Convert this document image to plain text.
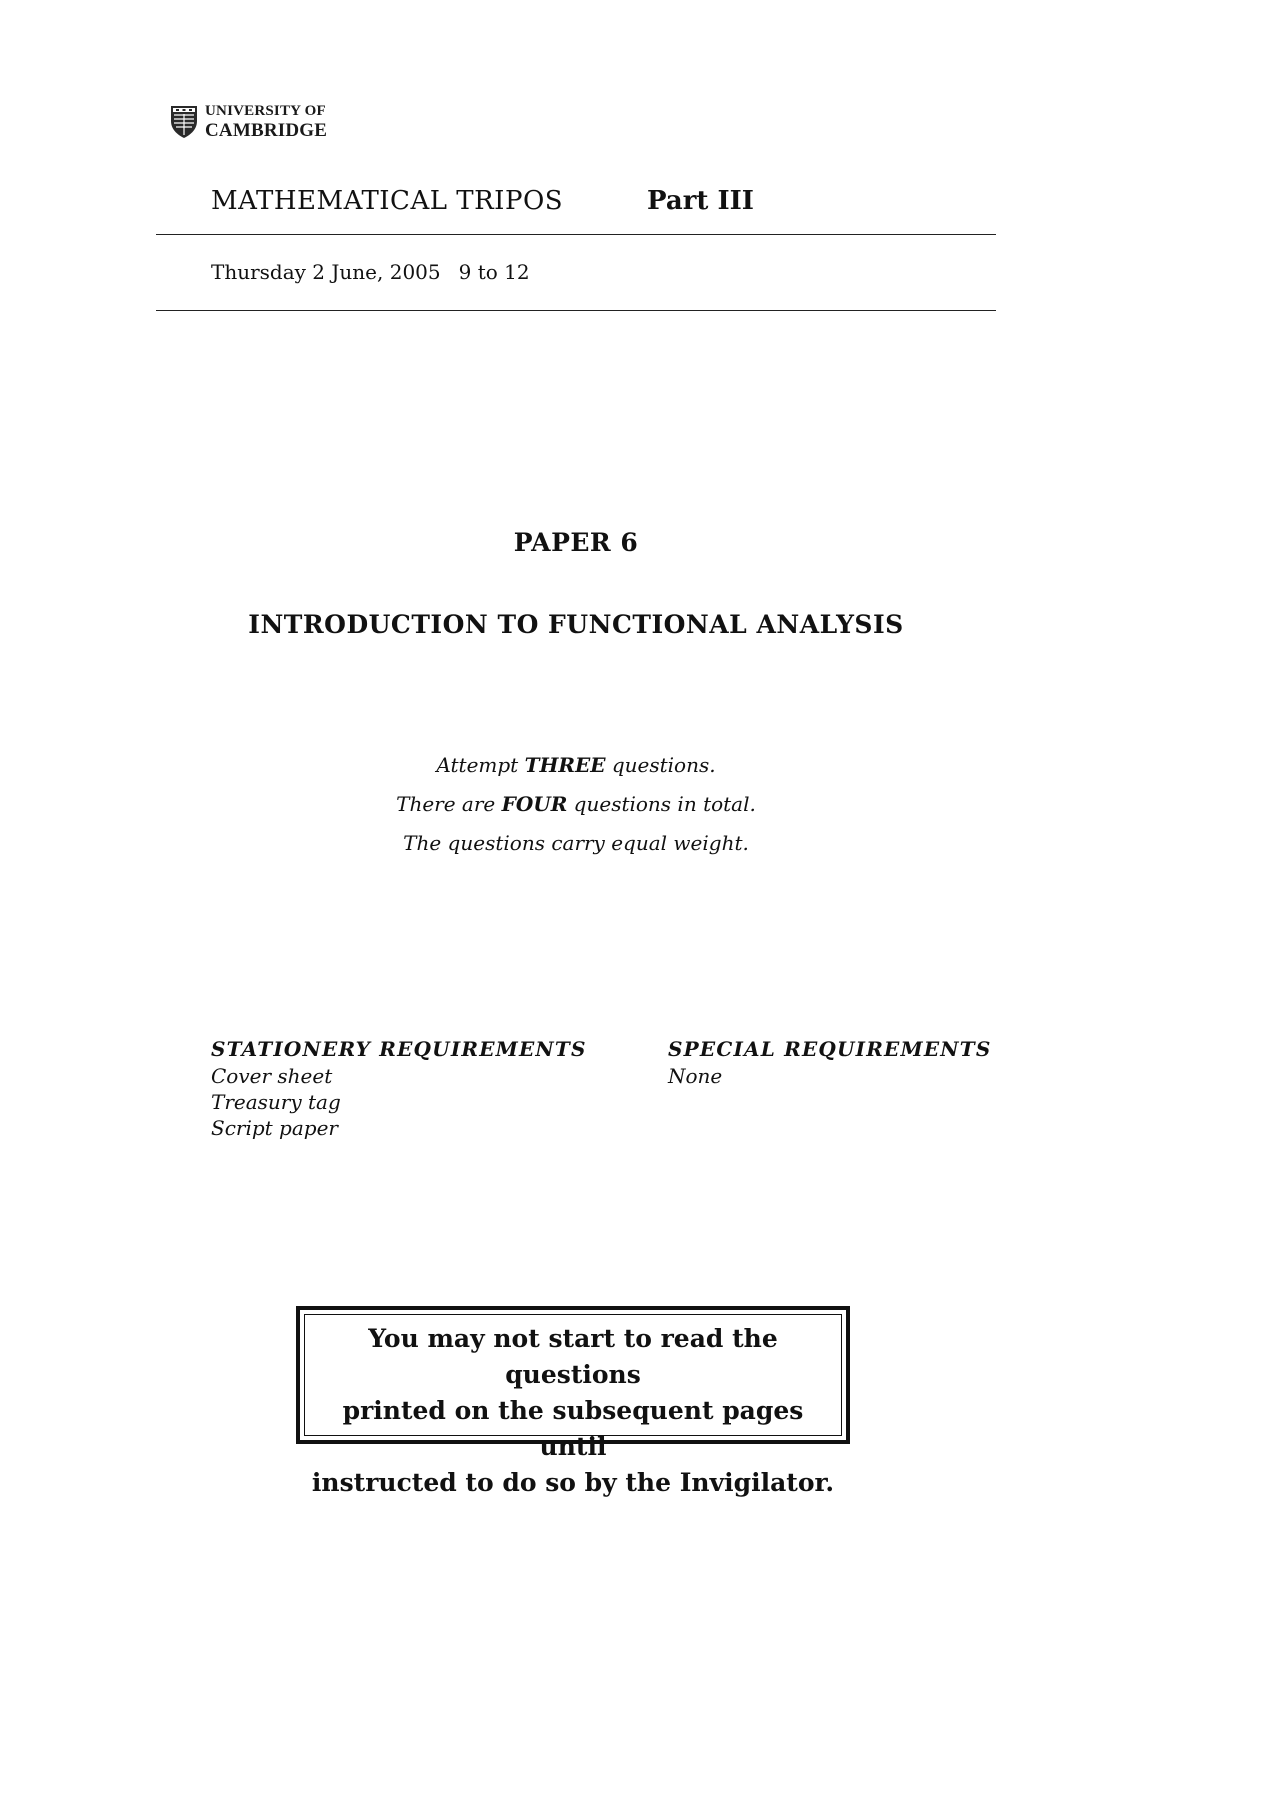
UNIVERSITY OF
CAMBRIDGE
MATHEMATICAL TRIPOS	Part III
Thursday 2 June, 2005 9 to 12
PAPER 6
INTRODUCTION TO FUNCTIONAL ANALYSIS
Attempt THREE questions.
There are FOUR questions in total.
The questions carry equal weight.
STATIONERY REQUIREMENTS
Cover sheet
Treasury tag
Script paper
SPECIAL REQUIREMENTS
None
You may not start to read the questions
printed on the subsequent pages until
instructed to do so by the Invigilator.
